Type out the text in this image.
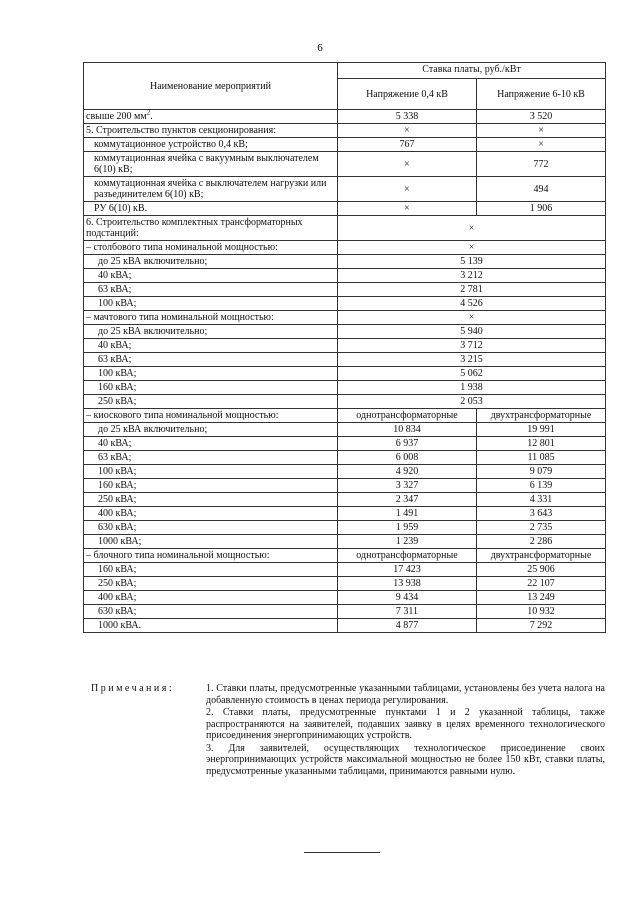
6
Наименование мероприятий	Ставка платы, руб./кВт	
	Напряжение 0,4 кВ	Напряжение 6-10 кВ
свыше 200 $мм^2$.	5 338	3 520
5. Строительство пунктов секционирования:	×	×
коммутационное устройство 0,4 кВ;	767	×
коммутационная ячейка с вакуумным выключателем 6(10) кВ;	×	772
коммутационная ячейка с выключателем нагрузки или разъединителем 6(10) кВ;	×	494
РУ 6(10) кВ.	×	1 906
6. Строительство комплектных трансформаторных подстанций:	×	
– столбового типа номинальной мощностью:	×	
до 25 кВА включительно;	5 139	
40 кВА;	3 212	
63 кВА;	2 781	
100 кВА;	4 526	
– мачтового типа номинальной мощностью:	×	
до 25 кВА включительно;	5 940	
40 кВА;	3 712	
63 кВА;	3 215	
100 кВА;	5 062	
160 кВА;	1 938	
250 кВА;	2 053	
– киоскового типа номинальной мощностью:	однотрансформаторные	двухтрансформаторные
до 25 кВА включительно;	10 834	19 991
40 кВА;	6 937	12 801
63 кВА;	6 008	11 085
100 кВА;	4 920	9 079
160 кВА;	3 327	6 139
250 кВА;	2 347	4 331
400 кВА;	1 491	3 643
630 кВА;	1 959	2 735
1000 кВА;	1 239	2 286
– блочного типа номинальной мощностью:	однотрансформаторные	двухтрансформаторные
160 кВА;	17 423	25 906
250 кВА;	13 938	22 107
400 кВА;	9 434	13 249
630 кВА;	7 311	10 932
1000 кВА.	4 877	7 292
Примечания:	1. Ставки платы, предусмотренные указанными таблицами, установлены без учета налога на добавленную стоимость в ценах периода регулирования.

2. Ставки платы, предусмотренные пунктами 1 и 2 указанной таблицы, также распространяются на заявителей, подавших заявку в целях временного технологического присоединения энергопринимающих устройств.

3. Для заявителей, осуществляющих технологическое присоединение своих энергопринимающих устройств максимальной мощностью не более 150 кВт, ставки платы, предусмотренные указанными таблицами, принимаются равными нулю.
